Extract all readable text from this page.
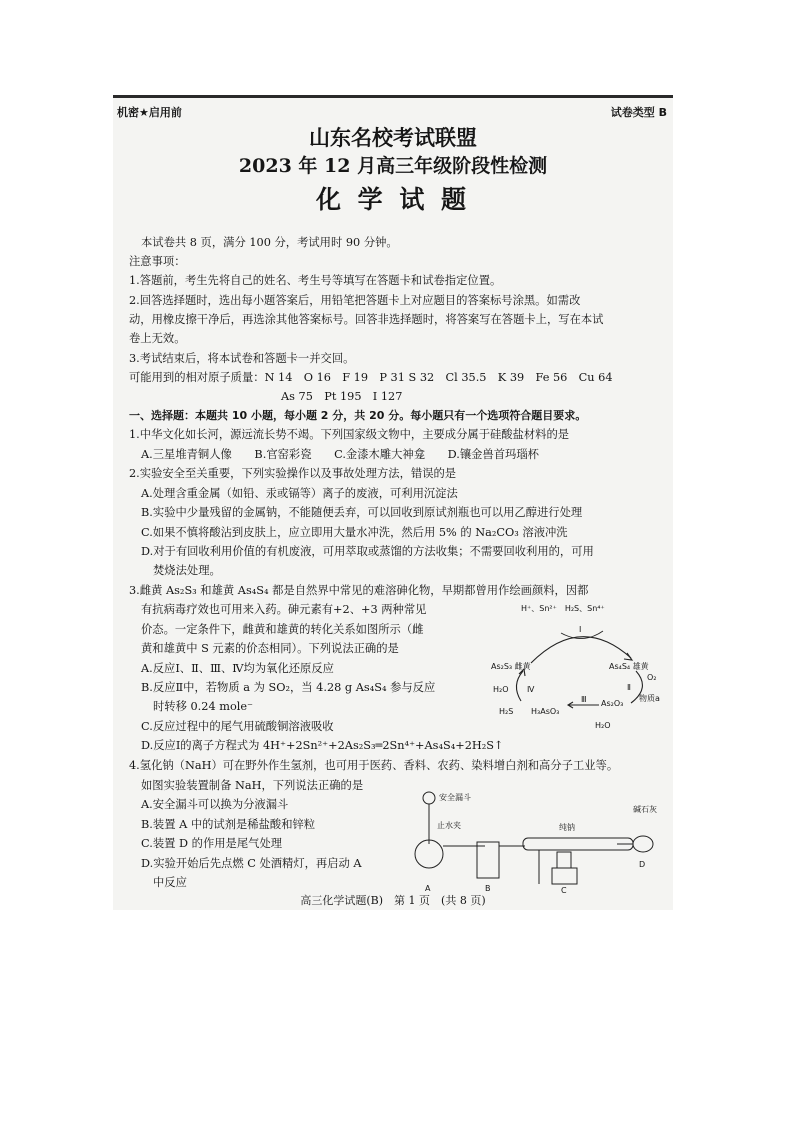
机密★启用前	试卷类型 B
山东名校考试联盟
2023 年 12 月高三年级阶段性检测
化 学 试 题
本试卷共 8 页，满分 100 分，考试用时 90 分钟。
注意事项：
1.答题前，考生先将自己的姓名、考生号等填写在答题卡和试卷指定位置。
2.回答选择题时，选出每小题答案后，用铅笔把答题卡上对应题目的答案标号涂黑。如需改
动，用橡皮擦干净后，再选涂其他答案标号。回答非选择题时，将答案写在答题卡上，写在本试
卷上无效。
3.考试结束后，将本试卷和答题卡一并交回。
可能用到的相对原子质量：N 14　O 16　F 19　P 31 S 32　Cl 35.5　K 39　Fe 56　Cu 64
As 75　Pt 195　I 127
一、选择题：本题共 10 小题，每小题 2 分，共 20 分。每小题只有一个选项符合题目要求。
1.中华文化如长河，源远流长势不竭。下列国家级文物中，主要成分属于硅酸盐材料的是
A.三星堆青铜人像　　B.官窑彩瓷　　C.金漆木雕大神龛　　D.镶金兽首玛瑙杯
2.实验安全至关重要，下列实验操作以及事故处理方法，错误的是
A.处理含重金属（如铅、汞或镉等）离子的废液，可利用沉淀法
B.实验中少量残留的金属钠，不能随便丢弃，可以回收到原试剂瓶也可以用乙醇进行处理
C.如果不慎将酸沾到皮肤上，应立即用大量水冲洗，然后用 5% 的 Na₂CO₃ 溶液冲洗
D.对于有回收利用价值的有机废液，可用萃取或蒸馏的方法收集；不需要回收利用的，可用
焚烧法处理。
3.雌黄 As₂S₃ 和雄黄 As₄S₄ 都是自然界中常见的难溶砷化物，早期都曾用作绘画颜料，因都
有抗病毒疗效也可用来入药。砷元素有+2、+3 两种常见
价态。一定条件下，雌黄和雄黄的转化关系如图所示（雌
黄和雄黄中 S 元素的价态相同）。下列说法正确的是
A.反应Ⅰ、Ⅱ、Ⅲ、Ⅳ均为氧化还原反应
B.反应Ⅱ中，若物质 a 为 SO₂，当 4.28 g As₄S₄ 参与反应
时转移 0.24 mole⁻
C.反应过程中的尾气用硫酸铜溶液吸收
D.反应Ⅰ的离子方程式为 4H⁺+2Sn²⁺+2As₂S₃═2Sn⁴⁺+As₄S₄+2H₂S↑
4.氢化钠（NaH）可在野外作生氢剂，也可用于医药、香料、农药、染料增白剂和高分子工业等。
如图实验装置制备 NaH，下列说法正确的是
A.安全漏斗可以换为分液漏斗
B.装置 A 中的试剂是稀盐酸和锌粒
C.装置 D 的作用是尾气处理
D.实验开始后先点燃 C 处酒精灯，再启动 A
中反应
H⁺、Sn²⁺　H₂S、Sn⁴⁺
Ⅰ
As₂S₃ 雌黄	As₄S₄ 雄黄
O₂
Ⅱ
物质a
H₂O Ⅳ
H₂S H₃AsO₃
Ⅲ As₂O₃
H₂O
安全漏斗
止水夹	纯钠
碱石灰
A	B	C
D
高三化学试题(B)　第 1 页　(共 8 页)
